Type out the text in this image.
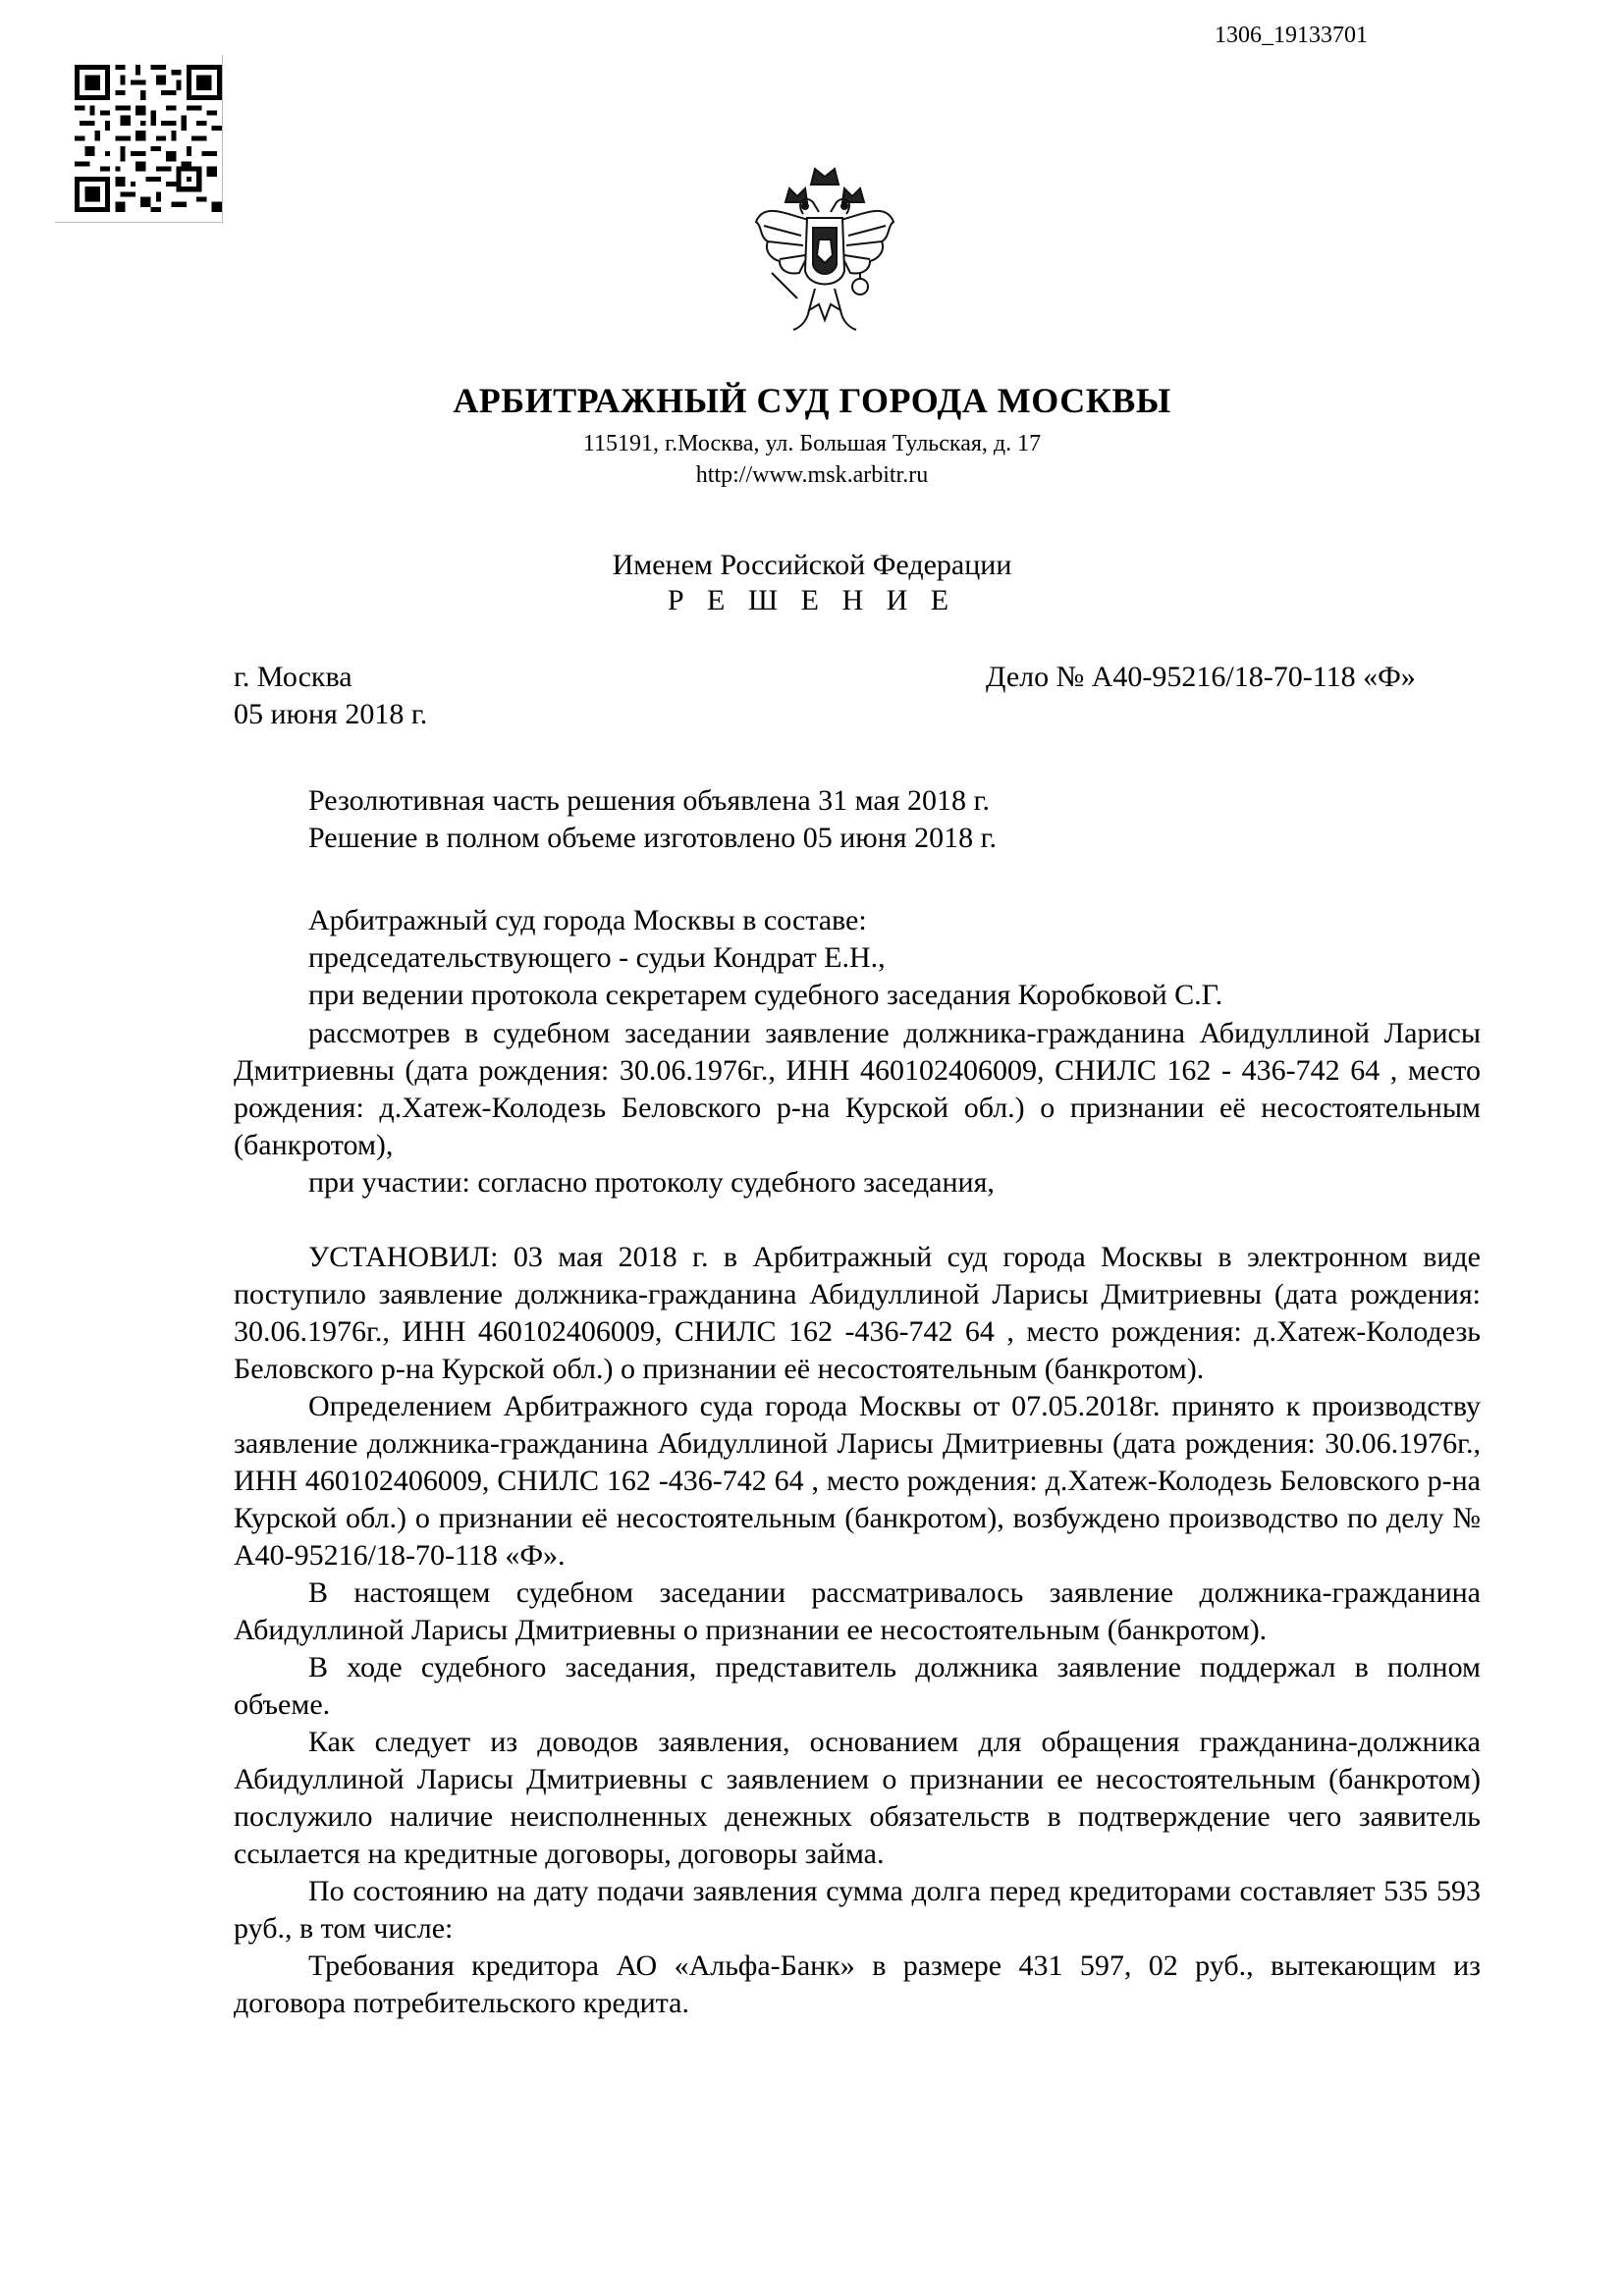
1306_19133701
АРБИТРАЖНЫЙ СУД ГОРОДА МОСКВЫ
115191, г.Москва, ул. Большая Тульская, д. 17
http://www.msk.arbitr.ru
Именем Российской Федерации
Р Е Ш Е Н И Е
г. Москва	Дело № А40-95216/18-70-118 «Ф»
05 июня 2018 г.
Резолютивная часть решения объявлена 31 мая 2018 г.
Решение в полном объеме изготовлено 05 июня 2018 г.
Арбитражный суд города Москвы в составе:
председательствующего - судьи Кондрат Е.Н.,
при ведении протокола секретарем судебного заседания Коробковой С.Г.

рассмотрев в судебном заседании заявление должника-гражданина Абидуллиной Ларисы Дмитриевны (дата рождения: 30.06.1976г., ИНН 460102406009, СНИЛС 162 - 436-742 64 , место рождения: д.Хатеж-Колодезь Беловского р-на Курской обл.) о признании её несостоятельным (банкротом),

при участии: согласно протоколу судебного заседания,

УСТАНОВИЛ: 03 мая 2018 г. в Арбитражный суд города Москвы в электронном виде поступило заявление должника-гражданина Абидуллиной Ларисы Дмитриевны (дата рождения: 30.06.1976г., ИНН 460102406009, СНИЛС 162 -436-742 64 , место рождения: д.Хатеж-Колодезь Беловского р-на Курской обл.) о признании её несостоятельным (банкротом).

Определением Арбитражного суда города Москвы от 07.05.2018г. принято к производству заявление должника-гражданина Абидуллиной Ларисы Дмитриевны (дата рождения: 30.06.1976г., ИНН 460102406009, СНИЛС 162 -436-742 64 , место рождения: д.Хатеж-Колодезь Беловского р-на Курской обл.) о признании её несостоятельным (банкротом), возбуждено производство по делу № А40-95216/18-70-118 «Ф».

В настоящем судебном заседании рассматривалось заявление должника-гражданина Абидуллиной Ларисы Дмитриевны о признании ее несостоятельным (банкротом).

В ходе судебного заседания, представитель должника заявление поддержал в полном объеме.

Как следует из доводов заявления, основанием для обращения гражданина-должника Абидуллиной Ларисы Дмитриевны с заявлением о признании ее несостоятельным (банкротом) послужило наличие неисполненных денежных обязательств в подтверждение чего заявитель ссылается на кредитные договоры, договоры займа.

По состоянию на дату подачи заявления сумма долга перед кредиторами составляет 535 593 руб., в том числе:

Требования кредитора АО «Альфа-Банк» в размере 431 597, 02 руб., вытекающим из договора потребительского кредита.
